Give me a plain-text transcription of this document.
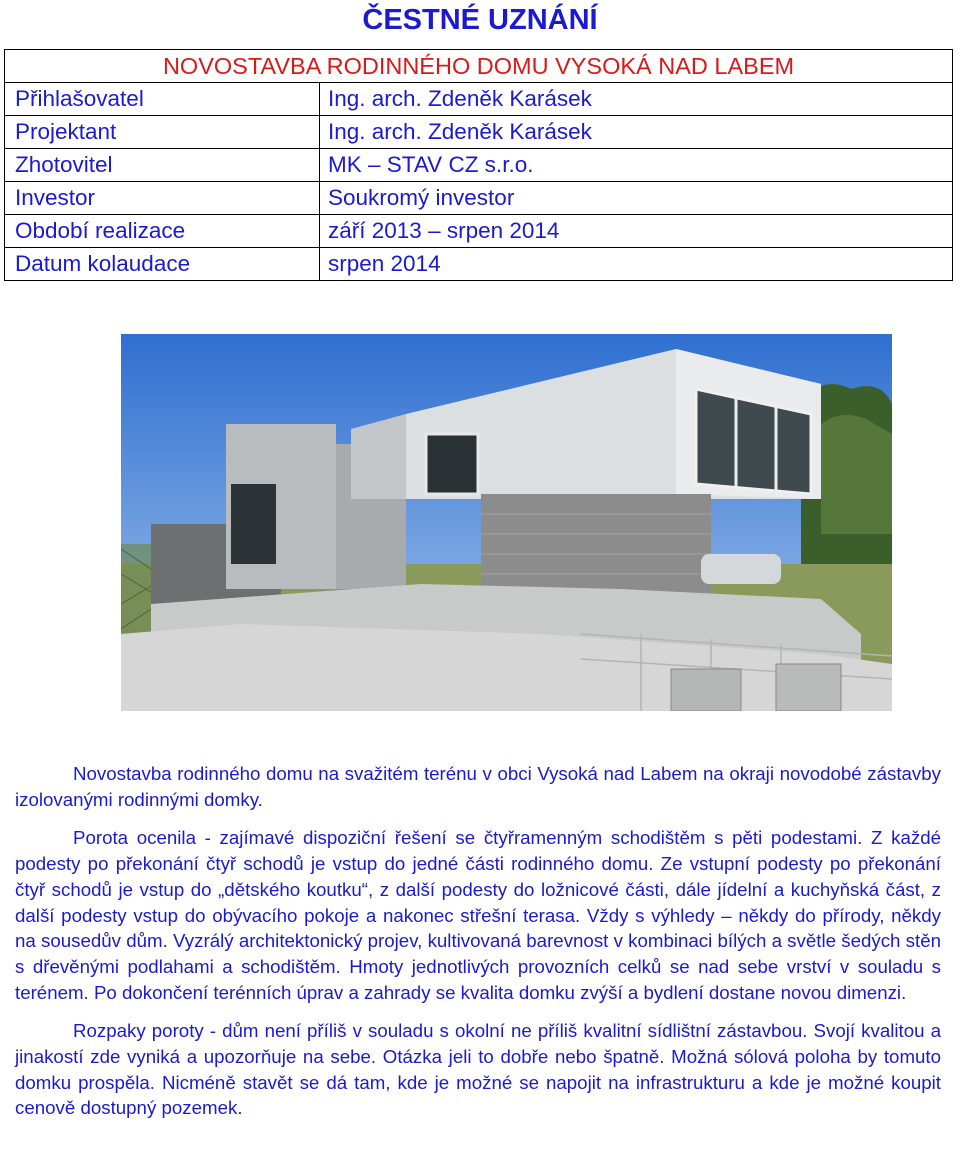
ČESTNÉ UZNÁNÍ
NOVOSTAVBA RODINNÉHO DOMU VYSOKÁ NAD LABEM	
Přihlašovatel	Ing. arch. Zdeněk Karásek
Projektant	Ing. arch. Zdeněk Karásek
Zhotovitel	MK – STAV CZ s.r.o.
Investor	Soukromý investor
Období realizace	září 2013 – srpen 2014
Datum kolaudace	srpen 2014

Novostavba rodinného domu na svažitém terénu v obci Vysoká nad Labem na okraji novodobé zástavby izolovanými rodinnými domky.

Porota ocenila - zajímavé dispoziční řešení se čtyřramenným schodištěm s pěti podestami. Z každé podesty po překonání čtyř schodů je vstup do jedné části rodinného domu. Ze vstupní podesty po překonání čtyř schodů je vstup do „dětského koutku“, z další podesty do ložnicové části, dále jídelní a kuchyňská část, z další podesty vstup do obývacího pokoje a nakonec střešní terasa. Vždy s výhledy – někdy do přírody, někdy na sousedův dům. Vyzrálý architektonický projev, kultivovaná barevnost v kombinaci bílých a světle šedých stěn s dřevěnými podlahami a schodištěm. Hmoty jednotlivých provozních celků se nad sebe vrství v souladu s terénem. Po dokončení terénních úprav a zahrady se kvalita domku zvýší a bydlení dostane novou dimenzi.

Rozpaky poroty - dům není příliš v souladu s okolní ne příliš kvalitní sídlištní zástavbou. Svojí kvalitou a jinakostí zde vyniká a upozorňuje na sebe. Otázka jeli to dobře nebo špatně. Možná sólová poloha by tomuto domku prospěla. Nicméně stavět se dá tam, kde je možné se napojit na infrastrukturu a kde je možné koupit cenově dostupný pozemek.
